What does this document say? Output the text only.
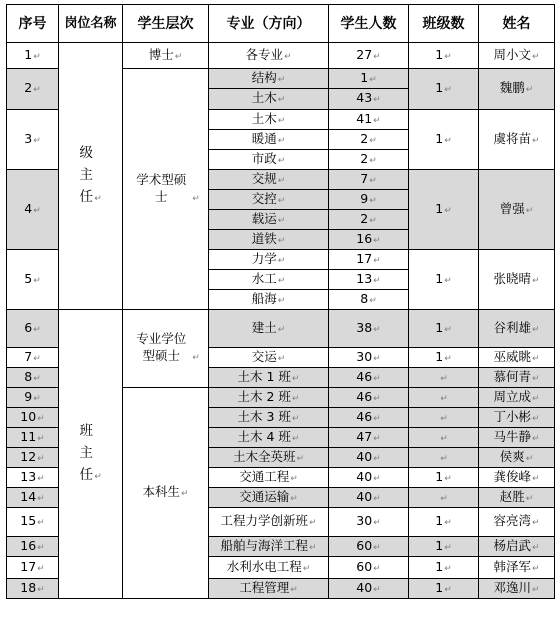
序号	岗位名称	学生层次	专业（方向）	学生人数	班级数	姓名
1↵	级主任↵	博士↵	各专业↵	27↵	1↵	周小文↵
2↵		学术型硕士 ↵	结构↵	1↵	1↵	魏鹏↵
			土木↵	43↵		
3↵			土木↵	41↵	1↵	虞将苗↵
			暖通↵	2↵		
			市政↵	2↵		
4↵			交规↵	7↵	1↵	曾强↵
			交控↵	9↵		
			载运↵	2↵		
			道铁↵	16↵		
5↵			力学↵	17↵	1↵	张晓晴↵
			水工↵	13↵		
			船海↵	8↵		
6↵	班主任↵	专业学位型硕士 ↵	建土↵	38↵	1↵	谷利雄↵
7↵			交运↵	30↵	1↵	巫威眺↵
8↵			土木 1 班↵	46↵	↵	慕何青↵
9↵		本科生↵	土木 2 班↵	46↵	↵	周立成↵
10↵			土木 3 班↵	46↵	↵	丁小彬↵
11↵			土木 4 班↵	47↵	↵	马牛静↵
12↵			土木全英班↵	40↵	↵	侯爽↵
13↵			交通工程↵	40↵	1↵	龚俊峰↵
14↵			交通运输↵	40↵	↵	赵胜↵
15↵			工程力学创新班↵	30↵	1↵	容亮湾↵
16↵			船舶与海洋工程↵	60↵	1↵	杨启武↵
17↵			水利水电工程↵	60↵	1↵	韩泽军↵
18↵			工程管理↵	40↵	1↵	邓逸川↵
